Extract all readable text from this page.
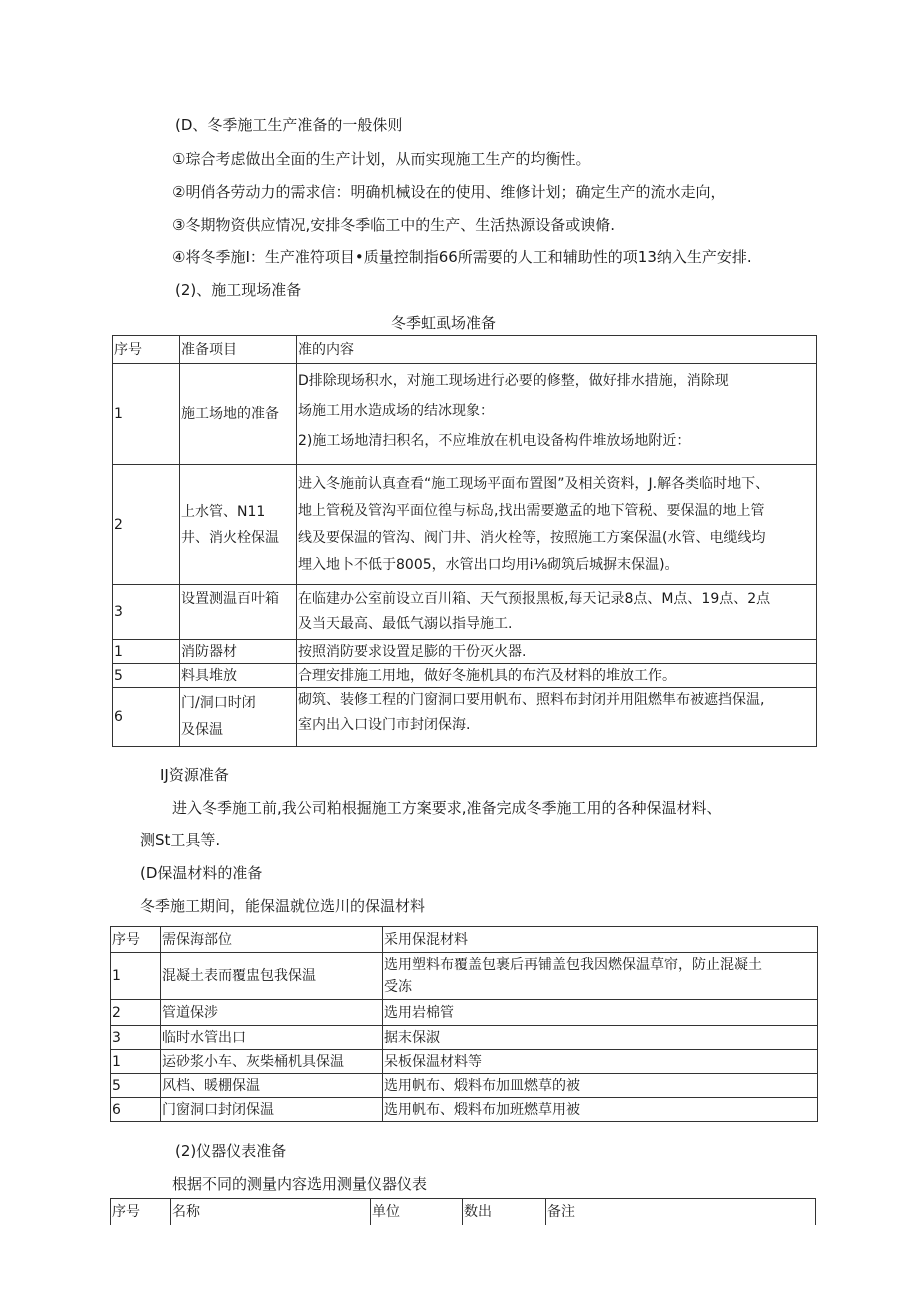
(D、冬季施工生产准备的一般侏则
①琮合考虑做出全面的生产计划，从而实现施工生产的均衡性。
②明俏各劳动力的需求信：明确机械设在的使用、维修计划；确定生产的流水走向，
③冬期物资供应情况,安排冬季临工中的生产、生活热源设备或谀脩.
④将冬季施I：生产准符项目•质量控制指66所需要的人工和辅助性的项13纳入生产安排.
(2)、施工现场准备
冬季虹虱场准备
序号	准备项目	准的内容
1	施工场地的准备	D排除现场积水，对施工现场进行必要的修整，做好排水措施，消除现
场施工用水造成场的结冰现象：
2)施工场地清扫积名，不应堆放在机电设备构件堆放场地附近：

2	上水管、N11
井、消火栓保温	进入冬施前认真查看“施工现场平面布置图”及相关资料，J.解各类临时地下、
地上管税及管沟平面位徨与标岛,找出需要邀孟的地下管税、要保温的地上管
线及要保温的管沟、阀门井、消火栓等，按照施工方案保温(水管、电缆线均
埋入地卜不低于8005，水管出口均用i⅛砌筑后城摒末保温)。

3	设置测温百叶箱	在临建办公室前设立百川箱、天气预报黑板,每天记录8点、M点、19点、2点
及当天最高、最低气溺以指导施工.

1	消防器材	按照消防要求设置足膨的干份灭火器.
5	料具堆放	合理安排施工用地，做好冬施机具的布汽及材料的堆放工作。
6	门/洞口时闭
及保温	砌筑、装修工程的门窗洞口要用帆布、照料布封闭并用阻燃隼布被遮挡保温,
室内出入口设门市封闭保海.
IJ资源准备
进入冬季施工前,我公司粕根掘施工方案要求,准备完成冬季施工用的各种保温材料、
测St工具等.
(D保温材料的准备
冬季施工期间，能保温就位选川的保温材料
序号	需保海部位	采用保混材料
1	混凝土表而覆盅包我保温	选用塑料布覆盖包裹后再铺盖包我因燃保温草帘，防止混凝土
受冻

2	管道保涉	选用岩棉管
3	临时水管出口	据末保淑
1	运砂浆小车、灰柴桶机具保温	呆板保温材料等
5	风档、暖棚保温	选用帆布、煅料布加皿燃草的被
6	门窗洞口封闭保温	选用帆布、煅料布加班燃草用被
(2)仪器仪表准备
根据不同的测量内容选用测量仪器仪表
序号 名称	单位	数出	备注
